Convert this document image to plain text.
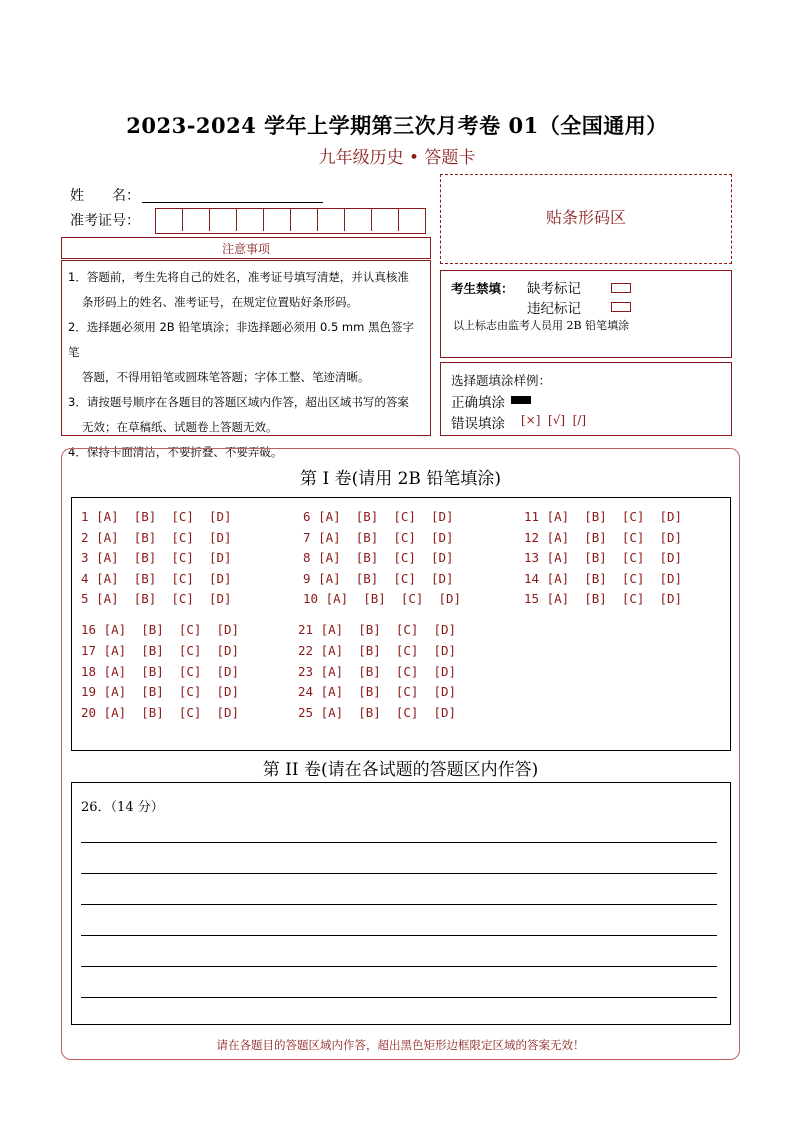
2023-2024 学年上学期第三次月考卷 01（全国通用）
九年级历史 • 答题卡
姓　　名：
准考证号：
注意事项
1．答题前，考生先将自己的姓名，准考证号填写清楚，并认真核准
条形码上的姓名、准考证号，在规定位置贴好条形码。
2．选择题必须用 2B 铅笔填涂；非选择题必须用 0.5 mm 黑色签字笔
答题，不得用铅笔或圆珠笔答题；字体工整、笔迹清晰。
3．请按题号顺序在各题目的答题区域内作答，超出区域书写的答案
无效；在草稿纸、试题卷上答题无效。
4．保持卡面清洁，不要折叠、不要弄破。
贴条形码区
考生禁填： 缺考标记
违纪标记
以上标志由监考人员用 2B 铅笔填涂
选择题填涂样例：
正确填涂
错误填涂 [×]  [√]  [/]
第 I 卷(请用 2B 铅笔填涂)
1 [A]  [B]  [C]  [D]
2 [A]  [B]  [C]  [D]
3 [A]  [B]  [C]  [D]
4 [A]  [B]  [C]  [D]
5 [A]  [B]  [C]  [D]
6 [A]  [B]  [C]  [D]
7 [A]  [B]  [C]  [D]
8 [A]  [B]  [C]  [D]
9 [A]  [B]  [C]  [D]
10 [A]  [B]  [C]  [D]
11 [A]  [B]  [C]  [D]
12 [A]  [B]  [C]  [D]
13 [A]  [B]  [C]  [D]
14 [A]  [B]  [C]  [D]
15 [A]  [B]  [C]  [D]
16 [A]  [B]  [C]  [D]
17 [A]  [B]  [C]  [D]
18 [A]  [B]  [C]  [D]
19 [A]  [B]  [C]  [D]
20 [A]  [B]  [C]  [D]
21 [A]  [B]  [C]  [D]
22 [A]  [B]  [C]  [D]
23 [A]  [B]  [C]  [D]
24 [A]  [B]  [C]  [D]
25 [A]  [B]  [C]  [D]
第 II 卷(请在各试题的答题区内作答)
26．（14 分）
请在各题目的答题区域内作答，超出黑色矩形边框限定区域的答案无效！
